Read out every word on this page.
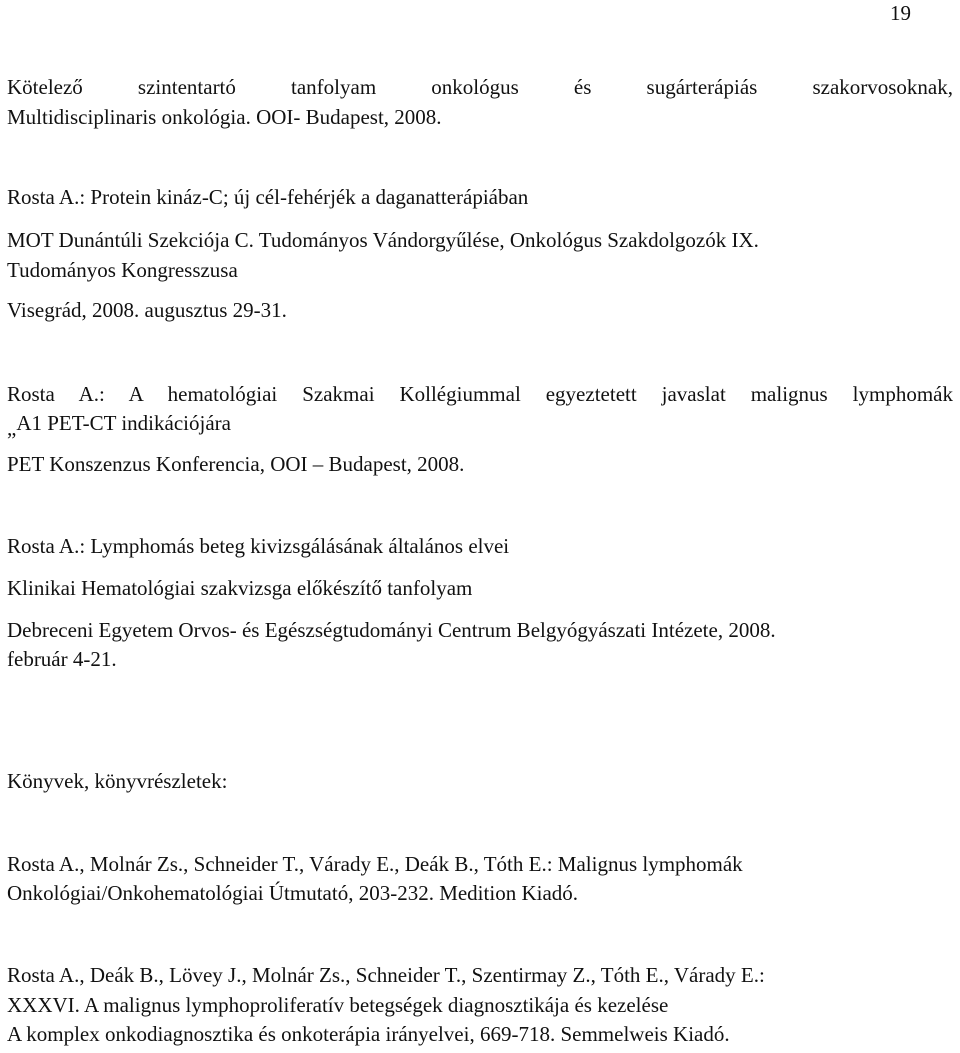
19
Kötelező szintentartó tanfolyam onkológus és sugárterápiás szakorvosoknak,
Multidisciplinaris onkológia. OOI- Budapest, 2008.
Rosta A.: Protein kináz-C; új cél-fehérjék a daganatterápiában
MOT Dunántúli Szekciója C. Tudományos Vándorgyűlése, Onkológus Szakdolgozók IX.
Tudományos Kongresszusa
Visegrád, 2008. augusztus 29-31.
Rosta A.: A hematológiai Szakmai Kollégiummal egyeztetett javaslat malignus lymphomák
„A1 PET-CT indikációjára
PET Konszenzus Konferencia, OOI – Budapest, 2008.
Rosta A.: Lymphomás beteg kivizsgálásának általános elvei
Klinikai Hematológiai szakvizsga előkészítő tanfolyam
Debreceni Egyetem Orvos- és Egészségtudományi Centrum Belgyógyászati Intézete, 2008.
február 4-21.
Könyvek, könyvrészletek:
Rosta A., Molnár Zs., Schneider T., Várady E., Deák B., Tóth E.: Malignus lymphomák
Onkológiai/Onkohematológiai Útmutató, 203-232. Medition Kiadó.
Rosta A., Deák B., Lövey J., Molnár Zs., Schneider T., Szentirmay Z., Tóth E., Várady E.:
XXXVI. A malignus lymphoproliferatív betegségek diagnosztikája és kezelése
A komplex onkodiagnosztika és onkoterápia irányelvei, 669-718. Semmelweis Kiadó.
